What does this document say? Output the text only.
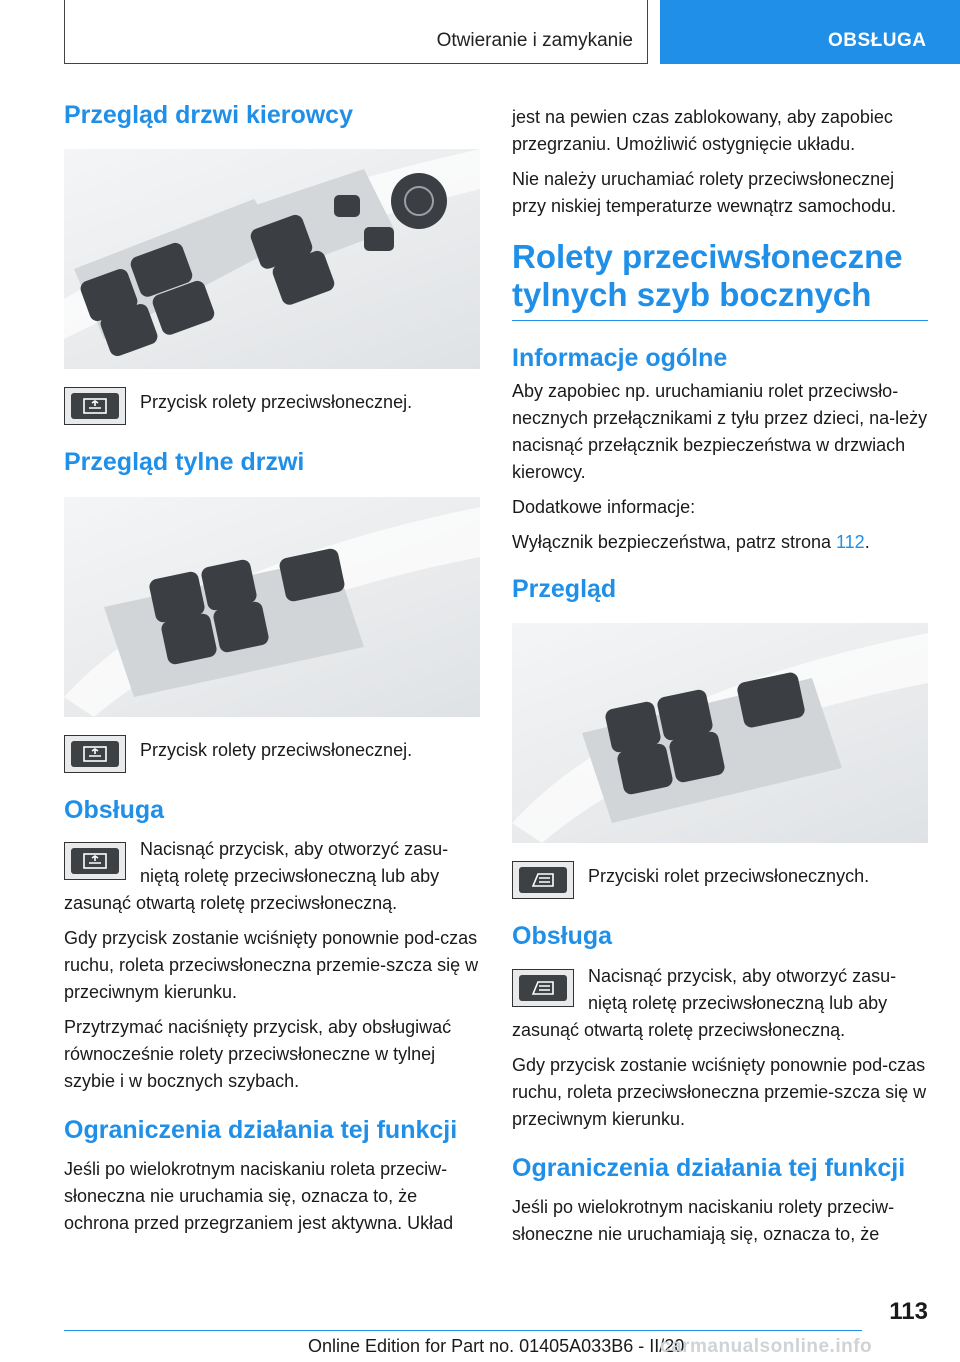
Otwieranie i zamykanie	OBSŁUGA
Przegląd drzwi kierowcy
Przycisk rolety przeciwsłonecznej.
Przegląd tylne drzwi
Przycisk rolety przeciwsłonecznej.
Obsługa

Nacisnąć przycisk, aby otworzyć zasu-niętą roletę przeciwsłoneczną lub aby zasunąć otwartą roletę przeciwsłoneczną.

Gdy przycisk zostanie wciśnięty ponownie pod-czas ruchu, roleta przeciwsłoneczna przemie-szcza się w przeciwnym kierunku.

Przytrzymać naciśnięty przycisk, aby obsługiwać równocześnie rolety przeciwsłoneczne w tylnej szybie i w bocznych szybach.

Ograniczenia działania tej funkcji

Jeśli po wielokrotnym naciskaniu roleta przeciw-słoneczna nie uruchamia się, oznacza to, że ochrona przed przegrzaniem jest aktywna. Układ

jest na pewien czas zablokowany, aby zapobiec przegrzaniu. Umożliwić ostygnięcie układu.

Nie należy uruchamiać rolety przeciwsłonecznej przy niskiej temperaturze wewnątrz samochodu.

Rolety przeciwsłoneczne tylnych szyb bocznych
Informacje ogólne

Aby zapobiec np. uruchamianiu rolet przeciwsło-necznych przełącznikami z tyłu przez dzieci, na-leży nacisnąć przełącznik bezpieczeństwa w drzwiach kierowcy.

Dodatkowe informacje:

Wyłącznik bezpieczeństwa, patrz strona 112.

Przegląd
Przyciski rolet przeciwsłonecznych.
Obsługa

Nacisnąć przycisk, aby otworzyć zasu-niętą roletę przeciwsłoneczną lub aby zasunąć otwartą roletę przeciwsłoneczną.

Gdy przycisk zostanie wciśnięty ponownie pod-czas ruchu, roleta przeciwsłoneczna przemie-szcza się w przeciwnym kierunku.

Ograniczenia działania tej funkcji

Jeśli po wielokrotnym naciskaniu rolety przeciw-słoneczne nie uruchamiają się, oznacza to, że

113
Online Edition for Part no. 01405A033B6 - II/20
carmanualsonline.info
